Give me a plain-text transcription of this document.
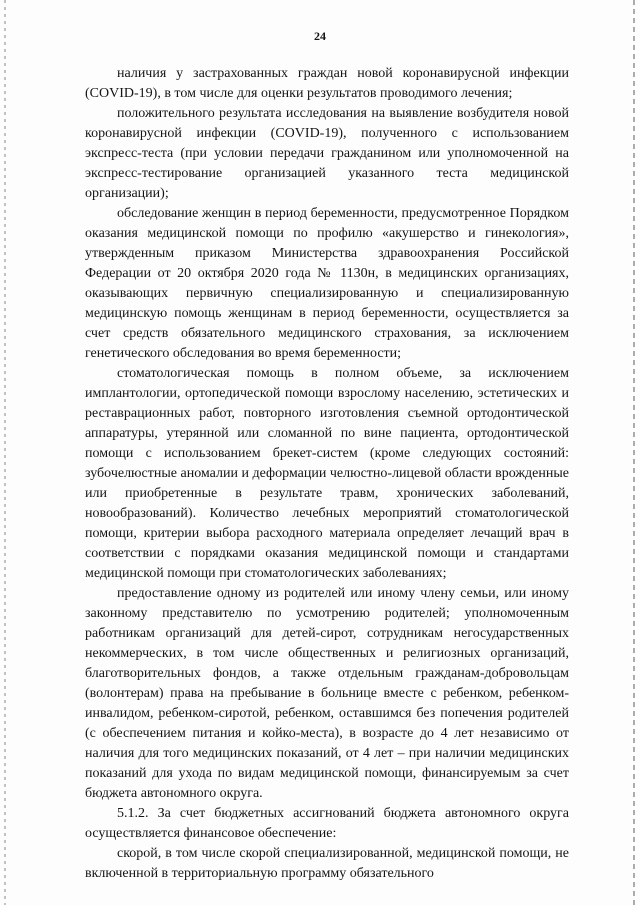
24

наличия у застрахованных граждан новой коронавирусной инфекции (COVID-19), в том числе для оценки результатов проводимого лечения;

положительного результата исследования на выявление возбудителя новой коронавирусной инфекции (COVID-19), полученного с использованием экспресс-теста (при условии передачи гражданином или уполномоченной на экспресс-тестирование организацией указанного теста медицинской организации);

обследование женщин в период беременности, предусмотренное Порядком оказания медицинской помощи по профилю «акушерство и гинекология», утвержденным приказом Министерства здравоохранения Российской Федерации от 20 октября 2020 года № 1130н, в медицинских организациях, оказывающих первичную специализированную и специализированную медицинскую помощь женщинам в период беременности, осуществляется за счет средств обязательного медицинского страхования, за исключением генетического обследования во время беременности;

стоматологическая помощь в полном объеме, за исключением имплантологии, ортопедической помощи взрослому населению, эстетических и реставрационных работ, повторного изготовления съемной ортодонтической аппаратуры, утерянной или сломанной по вине пациента, ортодонтической помощи с использованием брекет-систем (кроме следующих состояний: зубочелюстные аномалии и деформации челюстно-лицевой области врожденные или приобретенные в результате травм, хронических заболеваний, новообразований). Количество лечебных мероприятий стоматологической помощи, критерии выбора расходного материала определяет лечащий врач в соответствии с порядками оказания медицинской помощи и стандартами медицинской помощи при стоматологических заболеваниях;

предоставление одному из родителей или иному члену семьи, или иному законному представителю по усмотрению родителей; уполномоченным работникам организаций для детей-сирот, сотрудникам негосударственных некоммерческих, в том числе общественных и религиозных организаций, благотворительных фондов, а также отдельным гражданам-добровольцам (волонтерам) права на пребывание в больнице вместе с ребенком, ребенком-инвалидом, ребенком-сиротой, ребенком, оставшимся без попечения родителей (с обеспечением питания и койко-места), в возрасте до 4 лет независимо от наличия для того медицинских показаний, от 4 лет – при наличии медицинских показаний для ухода по видам медицинской помощи, финансируемым за счет бюджета автономного округа.

5.1.2. За счет бюджетных ассигнований бюджета автономного округа осуществляется финансовое обеспечение:

скорой, в том числе скорой специализированной, медицинской помощи, не включенной в территориальную программу обязательного
